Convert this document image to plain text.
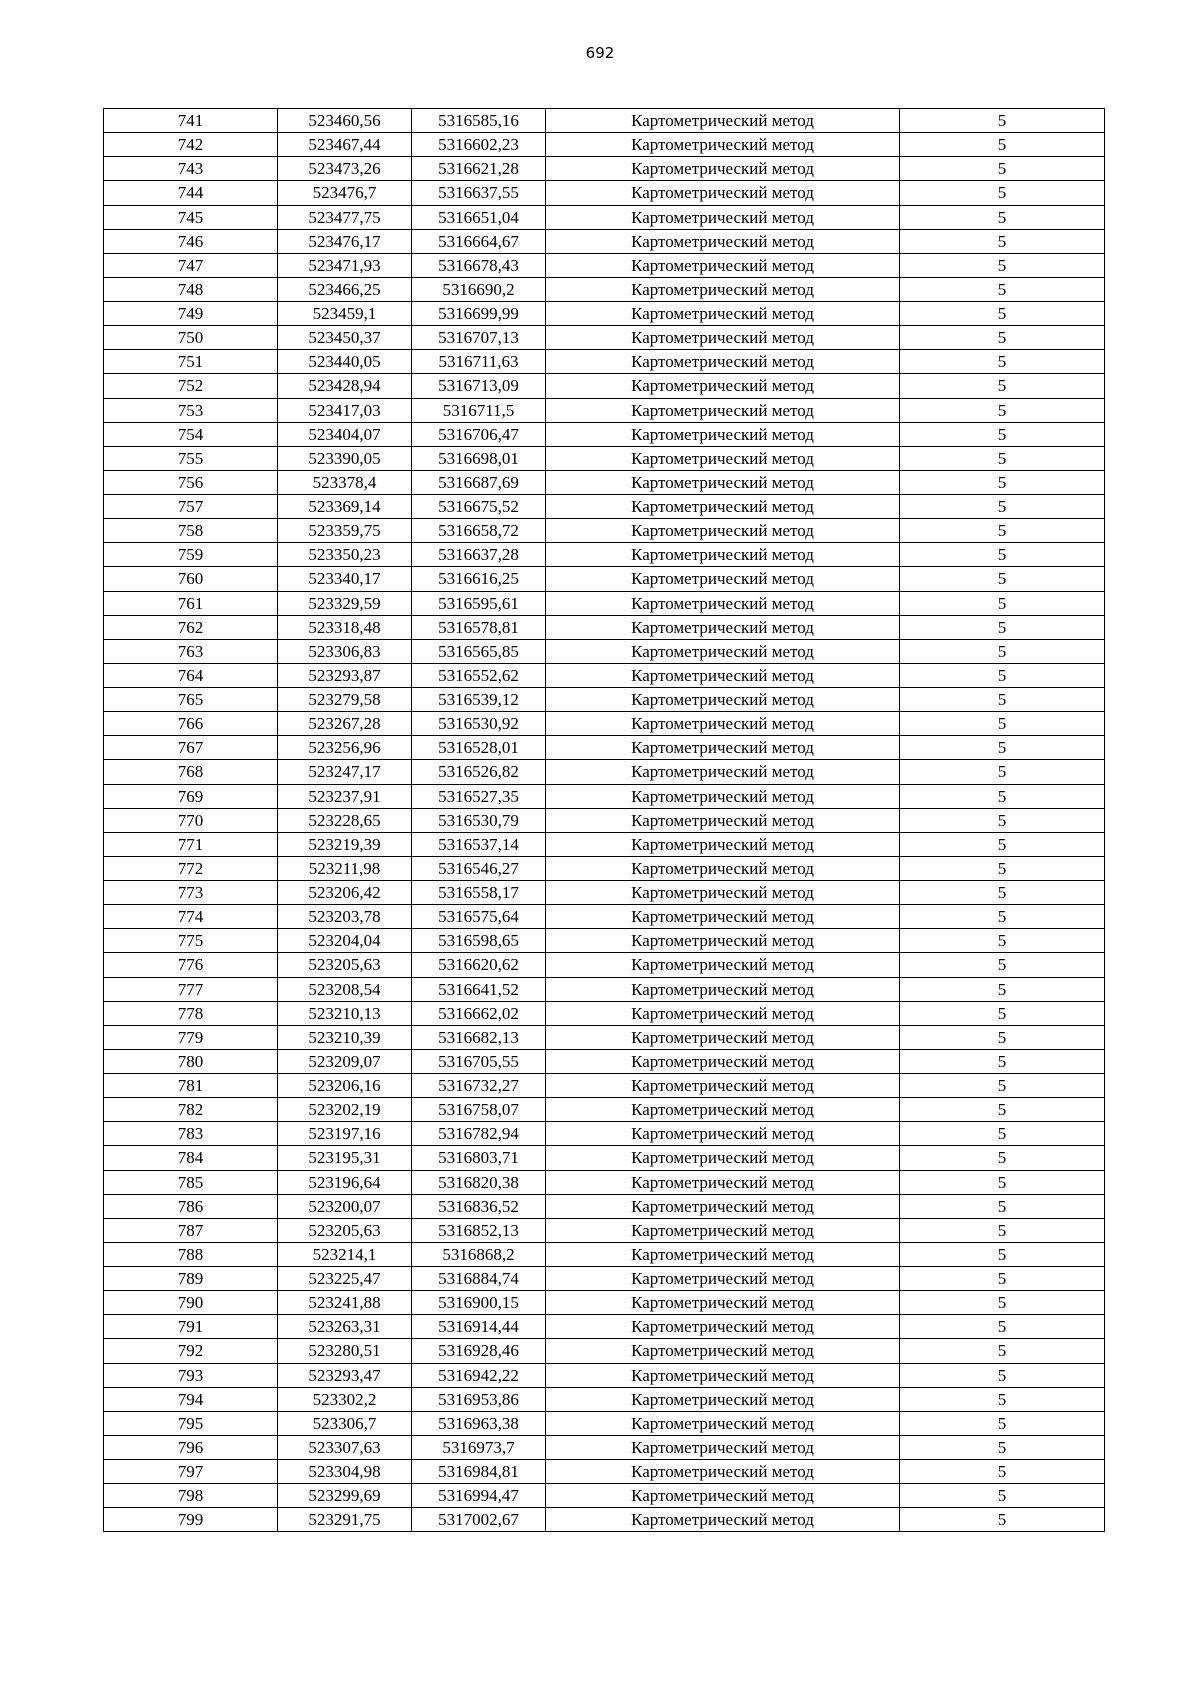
692
741	523460,56	5316585,16	Картометрический метод	5
742	523467,44	5316602,23	Картометрический метод	5
743	523473,26	5316621,28	Картометрический метод	5
744	523476,7	5316637,55	Картометрический метод	5
745	523477,75	5316651,04	Картометрический метод	5
746	523476,17	5316664,67	Картометрический метод	5
747	523471,93	5316678,43	Картометрический метод	5
748	523466,25	5316690,2	Картометрический метод	5
749	523459,1	5316699,99	Картометрический метод	5
750	523450,37	5316707,13	Картометрический метод	5
751	523440,05	5316711,63	Картометрический метод	5
752	523428,94	5316713,09	Картометрический метод	5
753	523417,03	5316711,5	Картометрический метод	5
754	523404,07	5316706,47	Картометрический метод	5
755	523390,05	5316698,01	Картометрический метод	5
756	523378,4	5316687,69	Картометрический метод	5
757	523369,14	5316675,52	Картометрический метод	5
758	523359,75	5316658,72	Картометрический метод	5
759	523350,23	5316637,28	Картометрический метод	5
760	523340,17	5316616,25	Картометрический метод	5
761	523329,59	5316595,61	Картометрический метод	5
762	523318,48	5316578,81	Картометрический метод	5
763	523306,83	5316565,85	Картометрический метод	5
764	523293,87	5316552,62	Картометрический метод	5
765	523279,58	5316539,12	Картометрический метод	5
766	523267,28	5316530,92	Картометрический метод	5
767	523256,96	5316528,01	Картометрический метод	5
768	523247,17	5316526,82	Картометрический метод	5
769	523237,91	5316527,35	Картометрический метод	5
770	523228,65	5316530,79	Картометрический метод	5
771	523219,39	5316537,14	Картометрический метод	5
772	523211,98	5316546,27	Картометрический метод	5
773	523206,42	5316558,17	Картометрический метод	5
774	523203,78	5316575,64	Картометрический метод	5
775	523204,04	5316598,65	Картометрический метод	5
776	523205,63	5316620,62	Картометрический метод	5
777	523208,54	5316641,52	Картометрический метод	5
778	523210,13	5316662,02	Картометрический метод	5
779	523210,39	5316682,13	Картометрический метод	5
780	523209,07	5316705,55	Картометрический метод	5
781	523206,16	5316732,27	Картометрический метод	5
782	523202,19	5316758,07	Картометрический метод	5
783	523197,16	5316782,94	Картометрический метод	5
784	523195,31	5316803,71	Картометрический метод	5
785	523196,64	5316820,38	Картометрический метод	5
786	523200,07	5316836,52	Картометрический метод	5
787	523205,63	5316852,13	Картометрический метод	5
788	523214,1	5316868,2	Картометрический метод	5
789	523225,47	5316884,74	Картометрический метод	5
790	523241,88	5316900,15	Картометрический метод	5
791	523263,31	5316914,44	Картометрический метод	5
792	523280,51	5316928,46	Картометрический метод	5
793	523293,47	5316942,22	Картометрический метод	5
794	523302,2	5316953,86	Картометрический метод	5
795	523306,7	5316963,38	Картометрический метод	5
796	523307,63	5316973,7	Картометрический метод	5
797	523304,98	5316984,81	Картометрический метод	5
798	523299,69	5316994,47	Картометрический метод	5
799	523291,75	5317002,67	Картометрический метод	5
